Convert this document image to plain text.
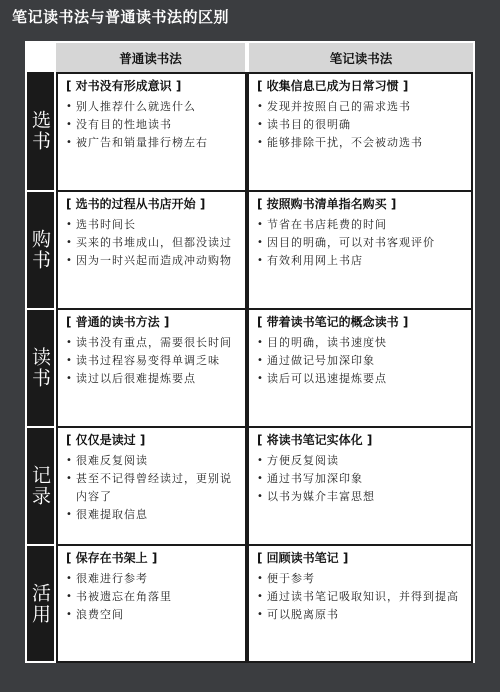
笔记读书法与普通读书法的区别
普通读书法	笔记读书法
选书
[ 对书没有形成意识 ]
• 别人推荐什么就选什么
• 没有目的性地读书
• 被广告和销量排行榜左右
[ 收集信息已成为日常习惯 ]
• 发现并按照自己的需求选书
• 读书目的很明确
• 能够排除干扰，不会被动选书
购书
[ 选书的过程从书店开始 ]
• 选书时间长
• 买来的书堆成山，但都没读过
• 因为一时兴起而造成冲动购物
[ 按照购书清单指名购买 ]
• 节省在书店耗费的时间
• 因目的明确，可以对书客观评价
• 有效利用网上书店
读书
[ 普通的读书方法 ]
• 读书没有重点，需要很长时间
• 读书过程容易变得单调乏味
• 读过以后很难提炼要点
[ 带着读书笔记的概念读书 ]
• 目的明确，读书速度快
• 通过做记号加深印象
• 读后可以迅速提炼要点
记录
[ 仅仅是读过 ]
• 很难反复阅读
• 甚至不记得曾经读过，更别说内容了
• 很难提取信息
[ 将读书笔记实体化 ]
• 方便反复阅读
• 通过书写加深印象
• 以书为媒介丰富思想
活用
[ 保存在书架上 ]
• 很难进行参考
• 书被遗忘在角落里
• 浪费空间
[ 回顾读书笔记 ]
• 便于参考
• 通过读书笔记吸取知识，并得到提高
• 可以脱离原书
